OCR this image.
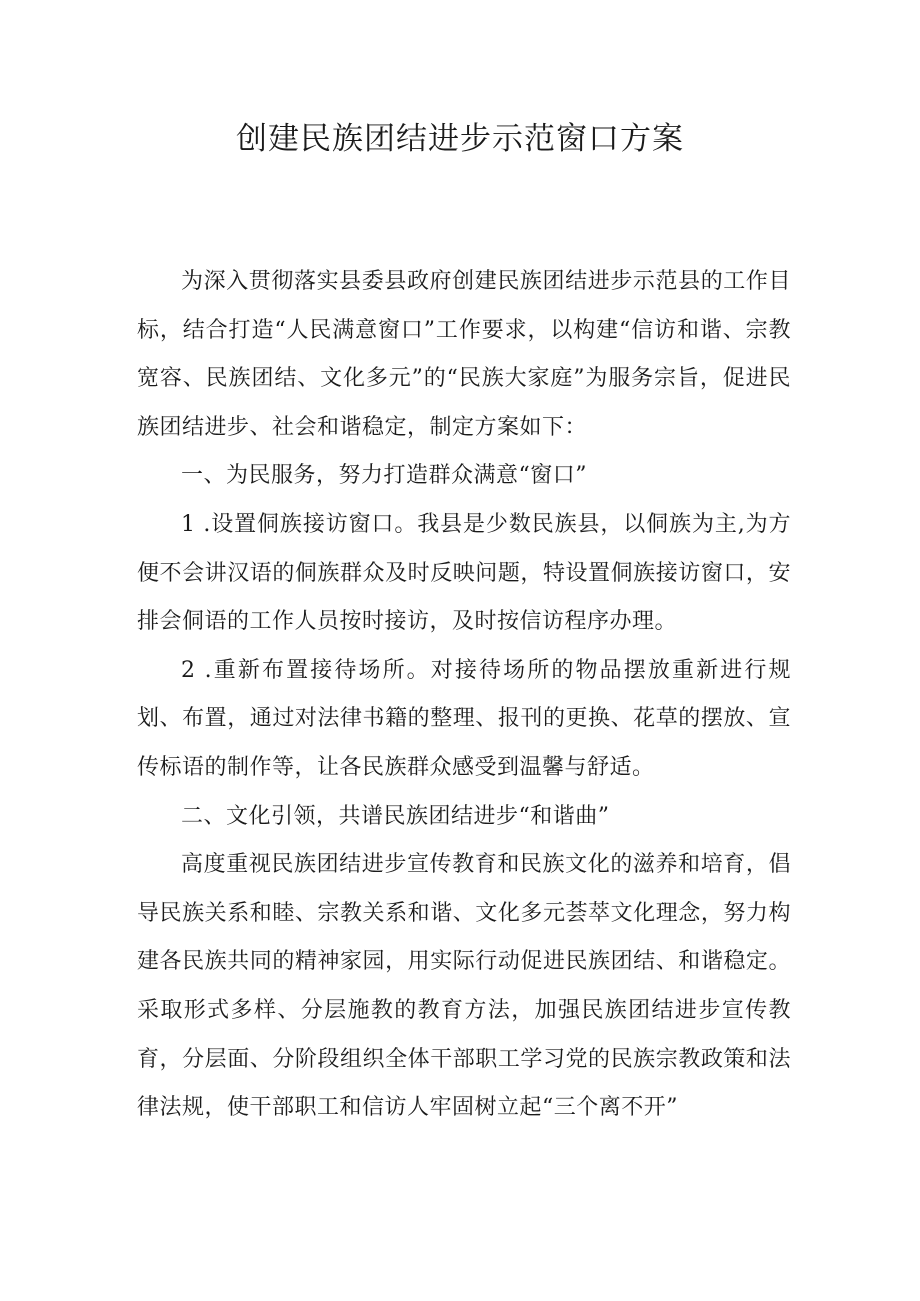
创建民族团结进步示范窗口方案

为深入贯彻落实县委县政府创建民族团结进步示范县的工作目标，结合打造“人民满意窗口”工作要求，以构建“信访和谐、宗教宽容、民族团结、文化多元”的“民族大家庭”为服务宗旨，促进民族团结进步、社会和谐稳定，制定方案如下：

一、为民服务，努力打造群众满意“窗口”

1 .设置侗族接访窗口。我县是少数民族县，以侗族为主,为方便不会讲汉语的侗族群众及时反映问题，特设置侗族接访窗口，安排会侗语的工作人员按时接访，及时按信访程序办理。

2 .重新布置接待场所。对接待场所的物品摆放重新进行规划、布置，通过对法律书籍的整理、报刊的更换、花草的摆放、宣传标语的制作等，让各民族群众感受到温馨与舒适。

二、文化引领，共谱民族团结进步“和谐曲”

高度重视民族团结进步宣传教育和民族文化的滋养和培育，倡导民族关系和睦、宗教关系和谐、文化多元荟萃文化理念，努力构建各民族共同的精神家园，用实际行动促进民族团结、和谐稳定。采取形式多样、分层施教的教育方法，加强民族团结进步宣传教育，分层面、分阶段组织全体干部职工学习党的民族宗教政策和法律法规，使干部职工和信访人牢固树立起“三个离不开”
